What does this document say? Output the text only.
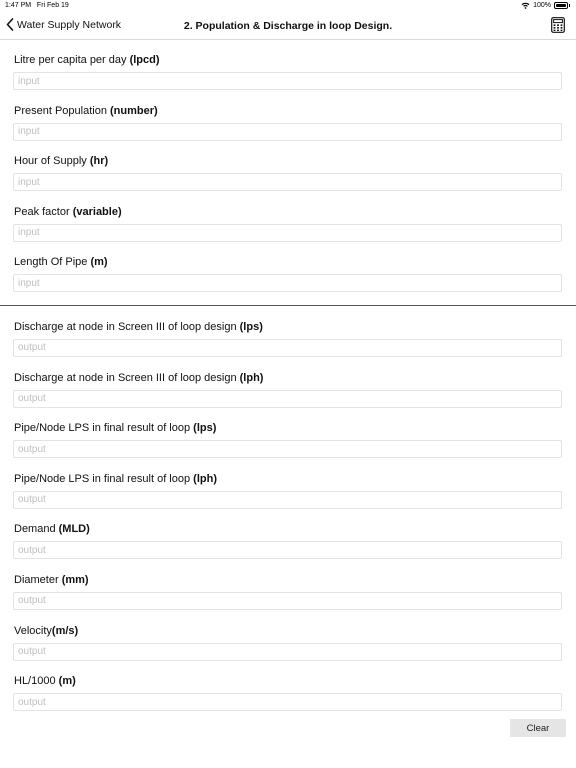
1:47 PM Fri Feb 19	100%
Water Supply Network	2. Population & Discharge in loop Design.
Litre per capita per day (lpcd)
input
Present Population (number)
input
Hour of Supply (hr)
input
Peak factor (variable)
input
Length Of Pipe (m)
input
Discharge at node in Screen III of loop design (lps)
output
Discharge at node in Screen III of loop design (lph)
output
Pipe/Node LPS in final result of loop (lps)
output
Pipe/Node LPS in final result of loop (lph)
output
Demand (MLD)
output
Diameter (mm)
output
Velocity(m/s)
output
HL/1000 (m)
output
Clear
